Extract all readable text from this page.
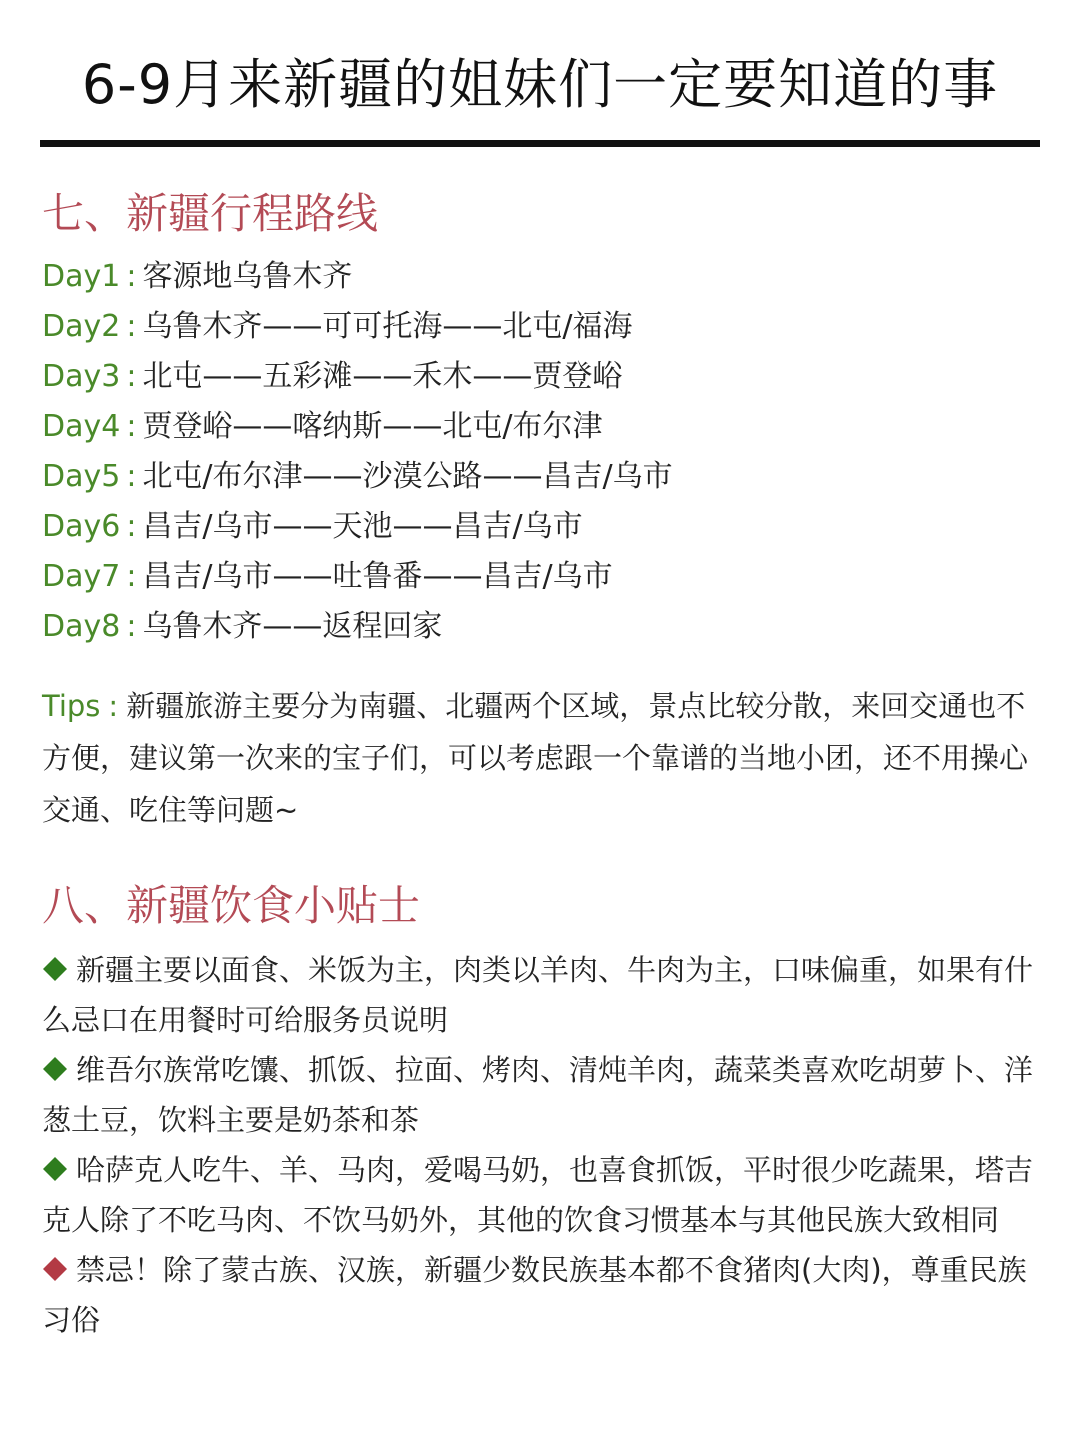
6-9月来新疆的姐妹们一定要知道的事
七、新疆行程路线
Day1 : 客源地乌鲁木齐
Day2 : 乌鲁木齐——可可托海——北屯/福海
Day3 : 北屯——五彩滩——禾木——贾登峪
Day4 : 贾登峪——喀纳斯——北屯/布尔津
Day5 : 北屯/布尔津——沙漠公路——昌吉/乌市
Day6 : 昌吉/乌市——天池——昌吉/乌市
Day7 : 昌吉/乌市——吐鲁番——昌吉/乌市
Day8 : 乌鲁木齐——返程回家
Tips : 新疆旅游主要分为南疆、北疆两个区域，景点比较分散，来回交通也不方便，建议第一次来的宝子们，可以考虑跟一个靠谱的当地小团，还不用操心交通、吃住等问题~
八、新疆饮食小贴士

新疆主要以面食、米饭为主，肉类以羊肉、牛肉为主，口味偏重，如果有什么忌口在用餐时可给服务员说明

维吾尔族常吃馕、抓饭、拉面、烤肉、清炖羊肉，蔬菜类喜欢吃胡萝卜、洋葱土豆，饮料主要是奶茶和茶

哈萨克人吃牛、羊、马肉，爱喝马奶，也喜食抓饭，平时很少吃蔬果，塔吉克人除了不吃马肉、不饮马奶外，其他的饮食习惯基本与其他民族大致相同

禁忌！除了蒙古族、汉族，新疆少数民族基本都不食猪肉(大肉)，尊重民族习俗
